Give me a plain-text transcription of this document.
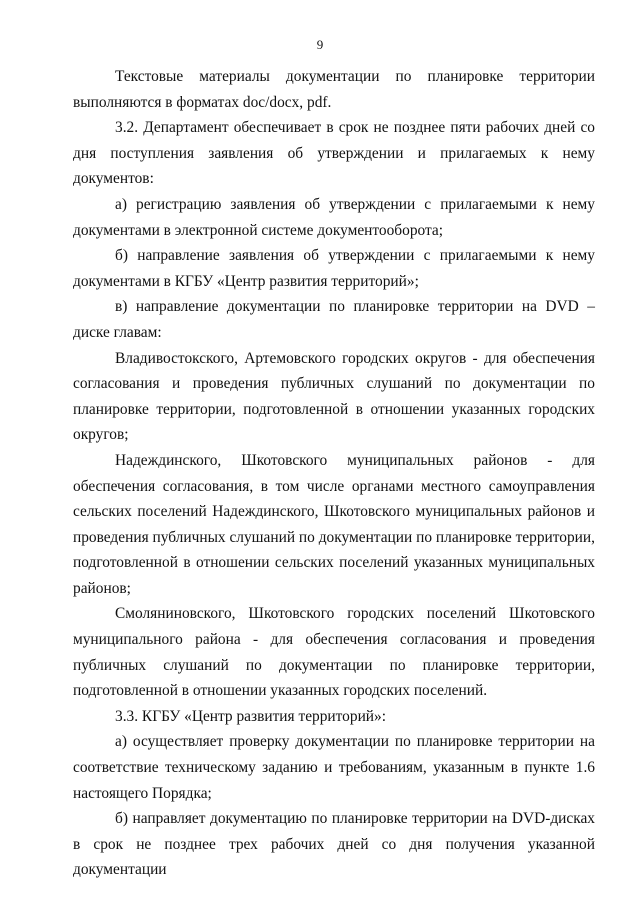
9

Текстовые материалы документации по планировке территории выполняются в форматах doc/docx, pdf.

3.2. Департамент обеспечивает в срок не позднее пяти рабочих дней со дня поступления заявления об утверждении и прилагаемых к нему документов:

а) регистрацию заявления об утверждении с прилагаемыми к нему документами в электронной системе документооборота;

б) направление заявления об утверждении с прилагаемыми к нему документами в КГБУ «Центр развития территорий»;

в) направление документации по планировке территории на DVD – диске главам:

Владивостокского, Артемовского городских округов - для обеспечения согласования и проведения публичных слушаний по документации по планировке территории, подготовленной в отношении указанных городских округов;

Надеждинского, Шкотовского муниципальных районов - для обеспечения согласования, в том числе органами местного самоуправления сельских поселений Надеждинского, Шкотовского муниципальных районов и проведения публичных слушаний по документации по планировке территории, подготовленной в отношении сельских поселений указанных муниципальных районов;

Смоляниновского, Шкотовского городских поселений Шкотовского муниципального района - для обеспечения согласования и проведения публичных слушаний по документации по планировке территории, подготовленной в отношении указанных городских поселений.

3.3. КГБУ «Центр развития территорий»:

а) осуществляет проверку документации по планировке территории на соответствие техническому заданию и требованиям, указанным в пункте 1.6 настоящего Порядка;

б) направляет документацию по планировке территории на DVD-дисках в срок не позднее трех рабочих дней со дня получения указанной документации
